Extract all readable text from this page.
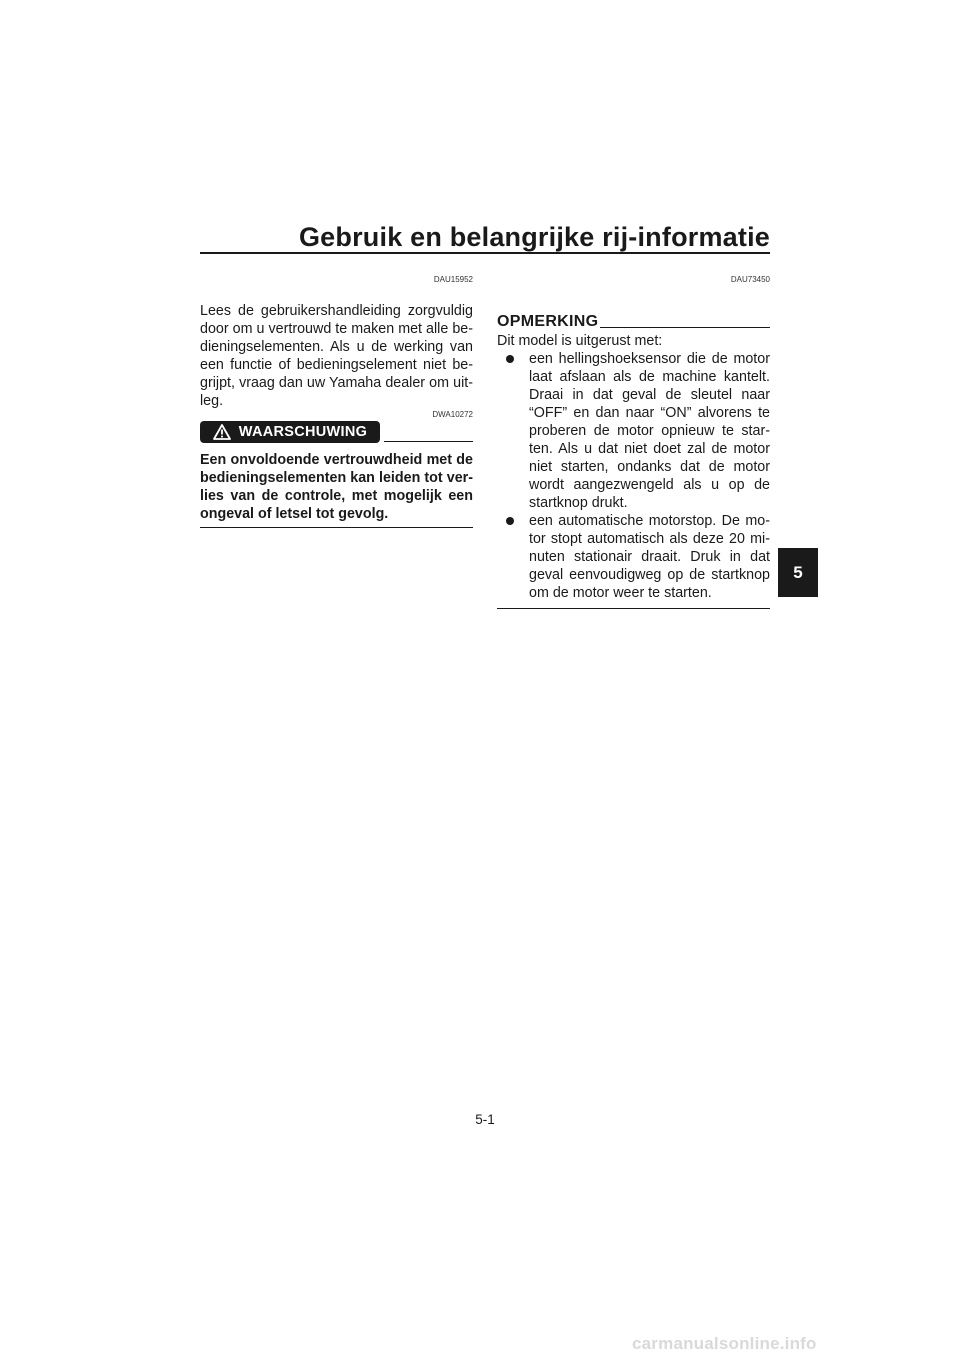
Gebruik en belangrijke rij-informatie
DAU15952
Lees de gebruikershandleiding zorgvuldig door om u vertrouwd te maken met alle be-dieningselementen. Als u de werking van een functie of bedieningselement niet be-grijpt, vraag dan uw Yamaha dealer om uit-leg.
DWA10272
WAARSCHUWING
Een onvoldoende vertrouwdheid met de bedieningselementen kan leiden tot ver-lies van de controle, met mogelijk een ongeval of letsel tot gevolg.
DAU73450
OPMERKING
Dit model is uitgerust met:
een hellingshoeksensor die de motor laat afslaan als de machine kantelt. Draai in dat geval de sleutel naar “OFF” en dan naar “ON” alvorens te proberen de motor opnieuw te star-ten. Als u dat niet doet zal de motor niet starten, ondanks dat de motor wordt aangezwengeld als u op de startknop drukt.
een automatische motorstop. De mo-tor stopt automatisch als deze 20 mi-nuten stationair draait. Druk in dat geval eenvoudigweg op de startknop om de motor weer te starten.
5
5-1
carmanualsonline.info
